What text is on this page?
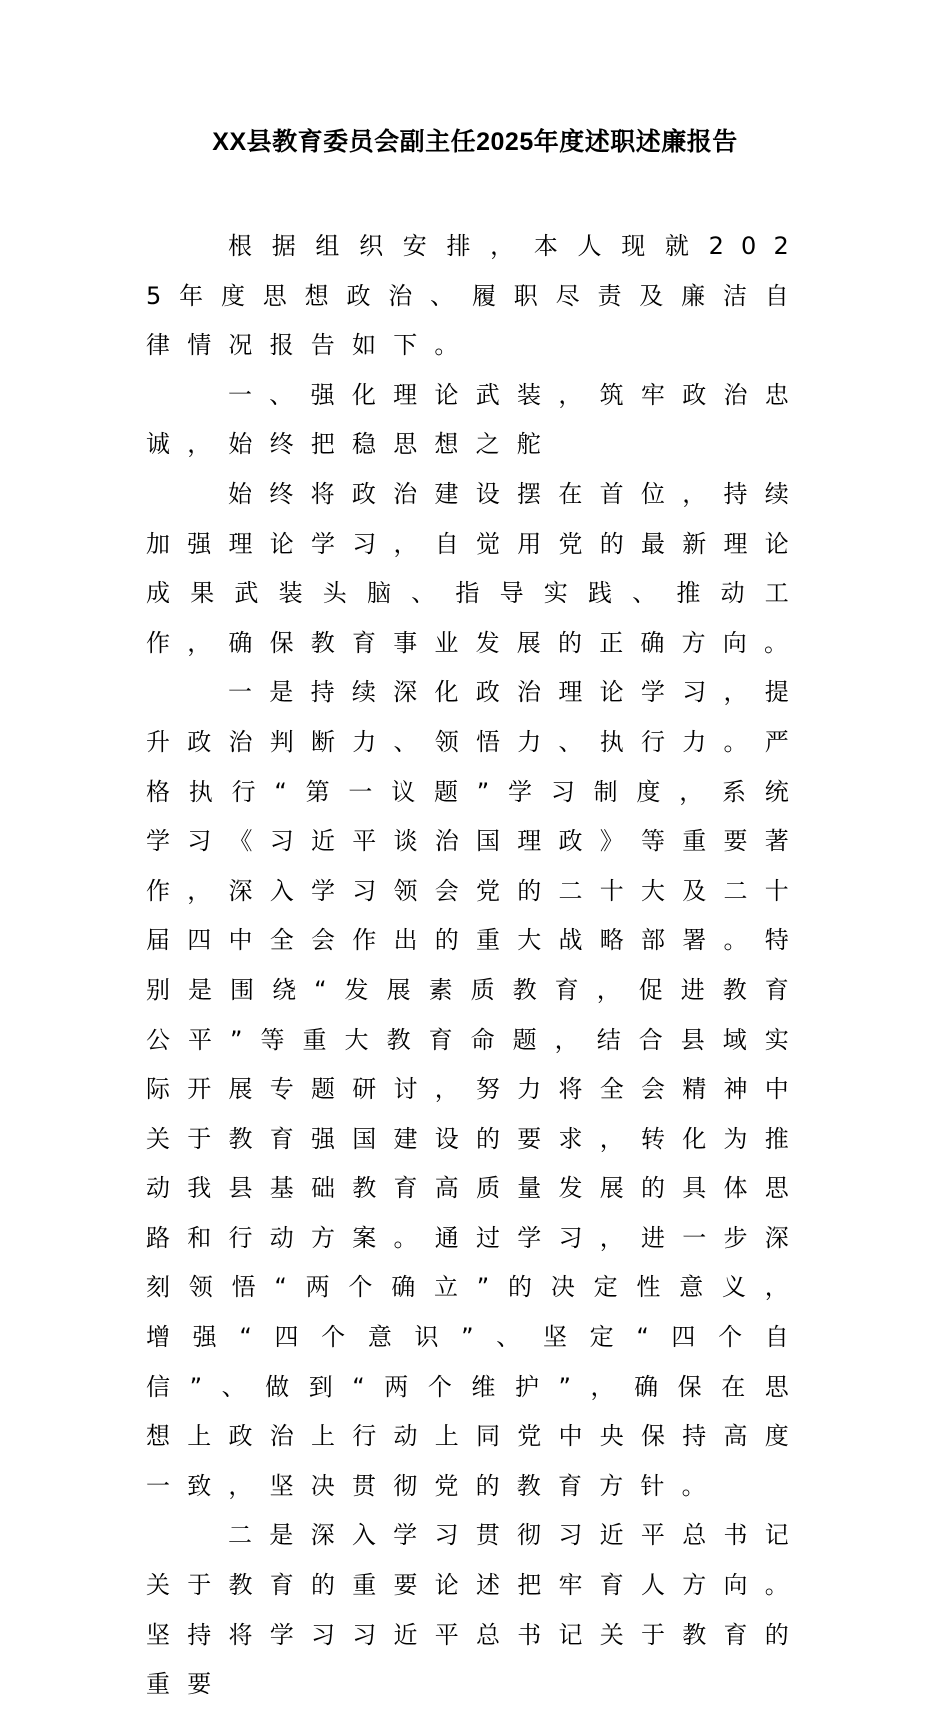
XX县教育委员会副主任2025年度述职述廉报告

根据组织安排，本人现就2025年度思想政治、履职尽责及廉洁自律情况报告如下。

一、强化理论武装，筑牢政治忠诚，始终把稳思想之舵

始终将政治建设摆在首位，持续加强理论学习，自觉用党的最新理论成果武装头脑、指导实践、推动工作，确保教育事业发展的正确方向。

一是持续深化政治理论学习，提升政治判断力、领悟力、执行力。严格执行“第一议题”学习制度，系统学习《习近平谈治国理政》等重要著作，深入学习领会党的二十大及二十届四中全会作出的重大战略部署。特别是围绕“发展素质教育，促进教育公平”等重大教育命题，结合县域实际开展专题研讨，努力将全会精神中关于教育强国建设的要求，转化为推动我县基础教育高质量发展的具体思路和行动方案。通过学习，进一步深刻领悟“两个确立”的决定性意义，增强“四个意识”、坚定“四个自信”、做到“两个维护”，确保在思想上政治上行动上同党中央保持高度一致，坚决贯彻党的教育方针。

二是深入学习贯彻习近平总书记关于教育的重要论述把牢育人方向。坚持将学习习近平总书记关于教育的重要
